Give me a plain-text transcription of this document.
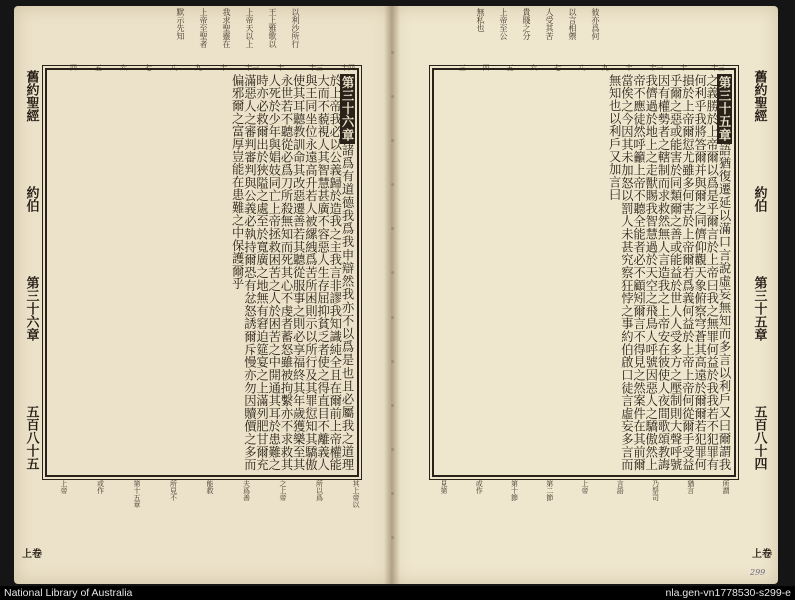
以利沙所行
王上雅歌以
上帝天以上
我求聖靈在
上帝至聖者
默示先知
十四
十三
十二
十一
十
九
八
七
六
五
四
第三十六章諸爲有道德我爲我申辯然我亦不以爲是也且必屬我之道理於上帝我必以公義歸於造我之主我言非謬我知識純全且在爾前上帝權能大而不藐視人其智慧甚廣不容惡人生存屈抑貧乏者使之得直目不離義人與王同坐位永遠高升若人被縲絏爲苦所困則示以所行及其罪愆知其驕傲使其耳聽教訓命其改惡遷善若其聽從服事之則必享福終其年歲獲樂至其永世若不聽從必爲刀所殺無知而死其心不虔者蓄怒雖被拘繫亦不求救其人死於少年與娼妓同亡上帝拯救困苦之人於困苦之中開通其耳於患難之時亦必救爾出於狹隘之處至於寬廣之地無有窘迫筵宴之上滿列肥甘爾充滿惡人之審判審判與公義必執持爾恐有忿怒誘爾斥慢亦勿因贖價之多而偏邪爾之富厚豈能在患難之中保護爾乎
舊約聖經
約伯
第三十六章
五百八十五
其上帝以
所以爲
之上帝
夫爲善
能救
所見不
第十五章
或作
上帝
上卷
彼亦爲何
以言相禦
人受其苦
貴賤之分
上帝至公
無私也
十三
十二
十一
十
九
八
七
六
五
四
三
二
第三十五章語猶復遷延以滿口言說虛妄無知而多言以利戶又曰爾謂我之義勝於上帝爾以爲是乎爾言於上帝曰我之無罪何益於我我若不犯罪有何利乎我將答爾并與爾之同儕仰觀天象俯察穹蒼其高遠於爾爾若犯罪何損於上帝爾愆尤雖多何害於上帝爾若爲義何益於上帝上帝何從爾手受益乎爾之惡或能害於同類爾之善或能益於世人人受多方之壓制則大聲呼號因有權勢者之轄制而求救然無人言造我之上帝安在彼使人夜間歌頌教誨我儕過於地上之走獸賜我智慧過於天空之飛鳥人呼號因惡人之驕傲然上帝不應徒然呼籲上帝不聽全能者必不顧矧爾言不得見之然案件在其前爾當俟之今因其未加怒以罰人未甚究察狂悖之事約伯啟口徒言虛妄多言而無知也以利戶又加言曰	舊約聖經
約伯
第三十五章
五百八十四
所謂
猶言
乃祭司
言語
上帝
第二節
第十節
或作
見第
上卷
299
National Library of Australia	nla.gen-vn1778530-s299-e
